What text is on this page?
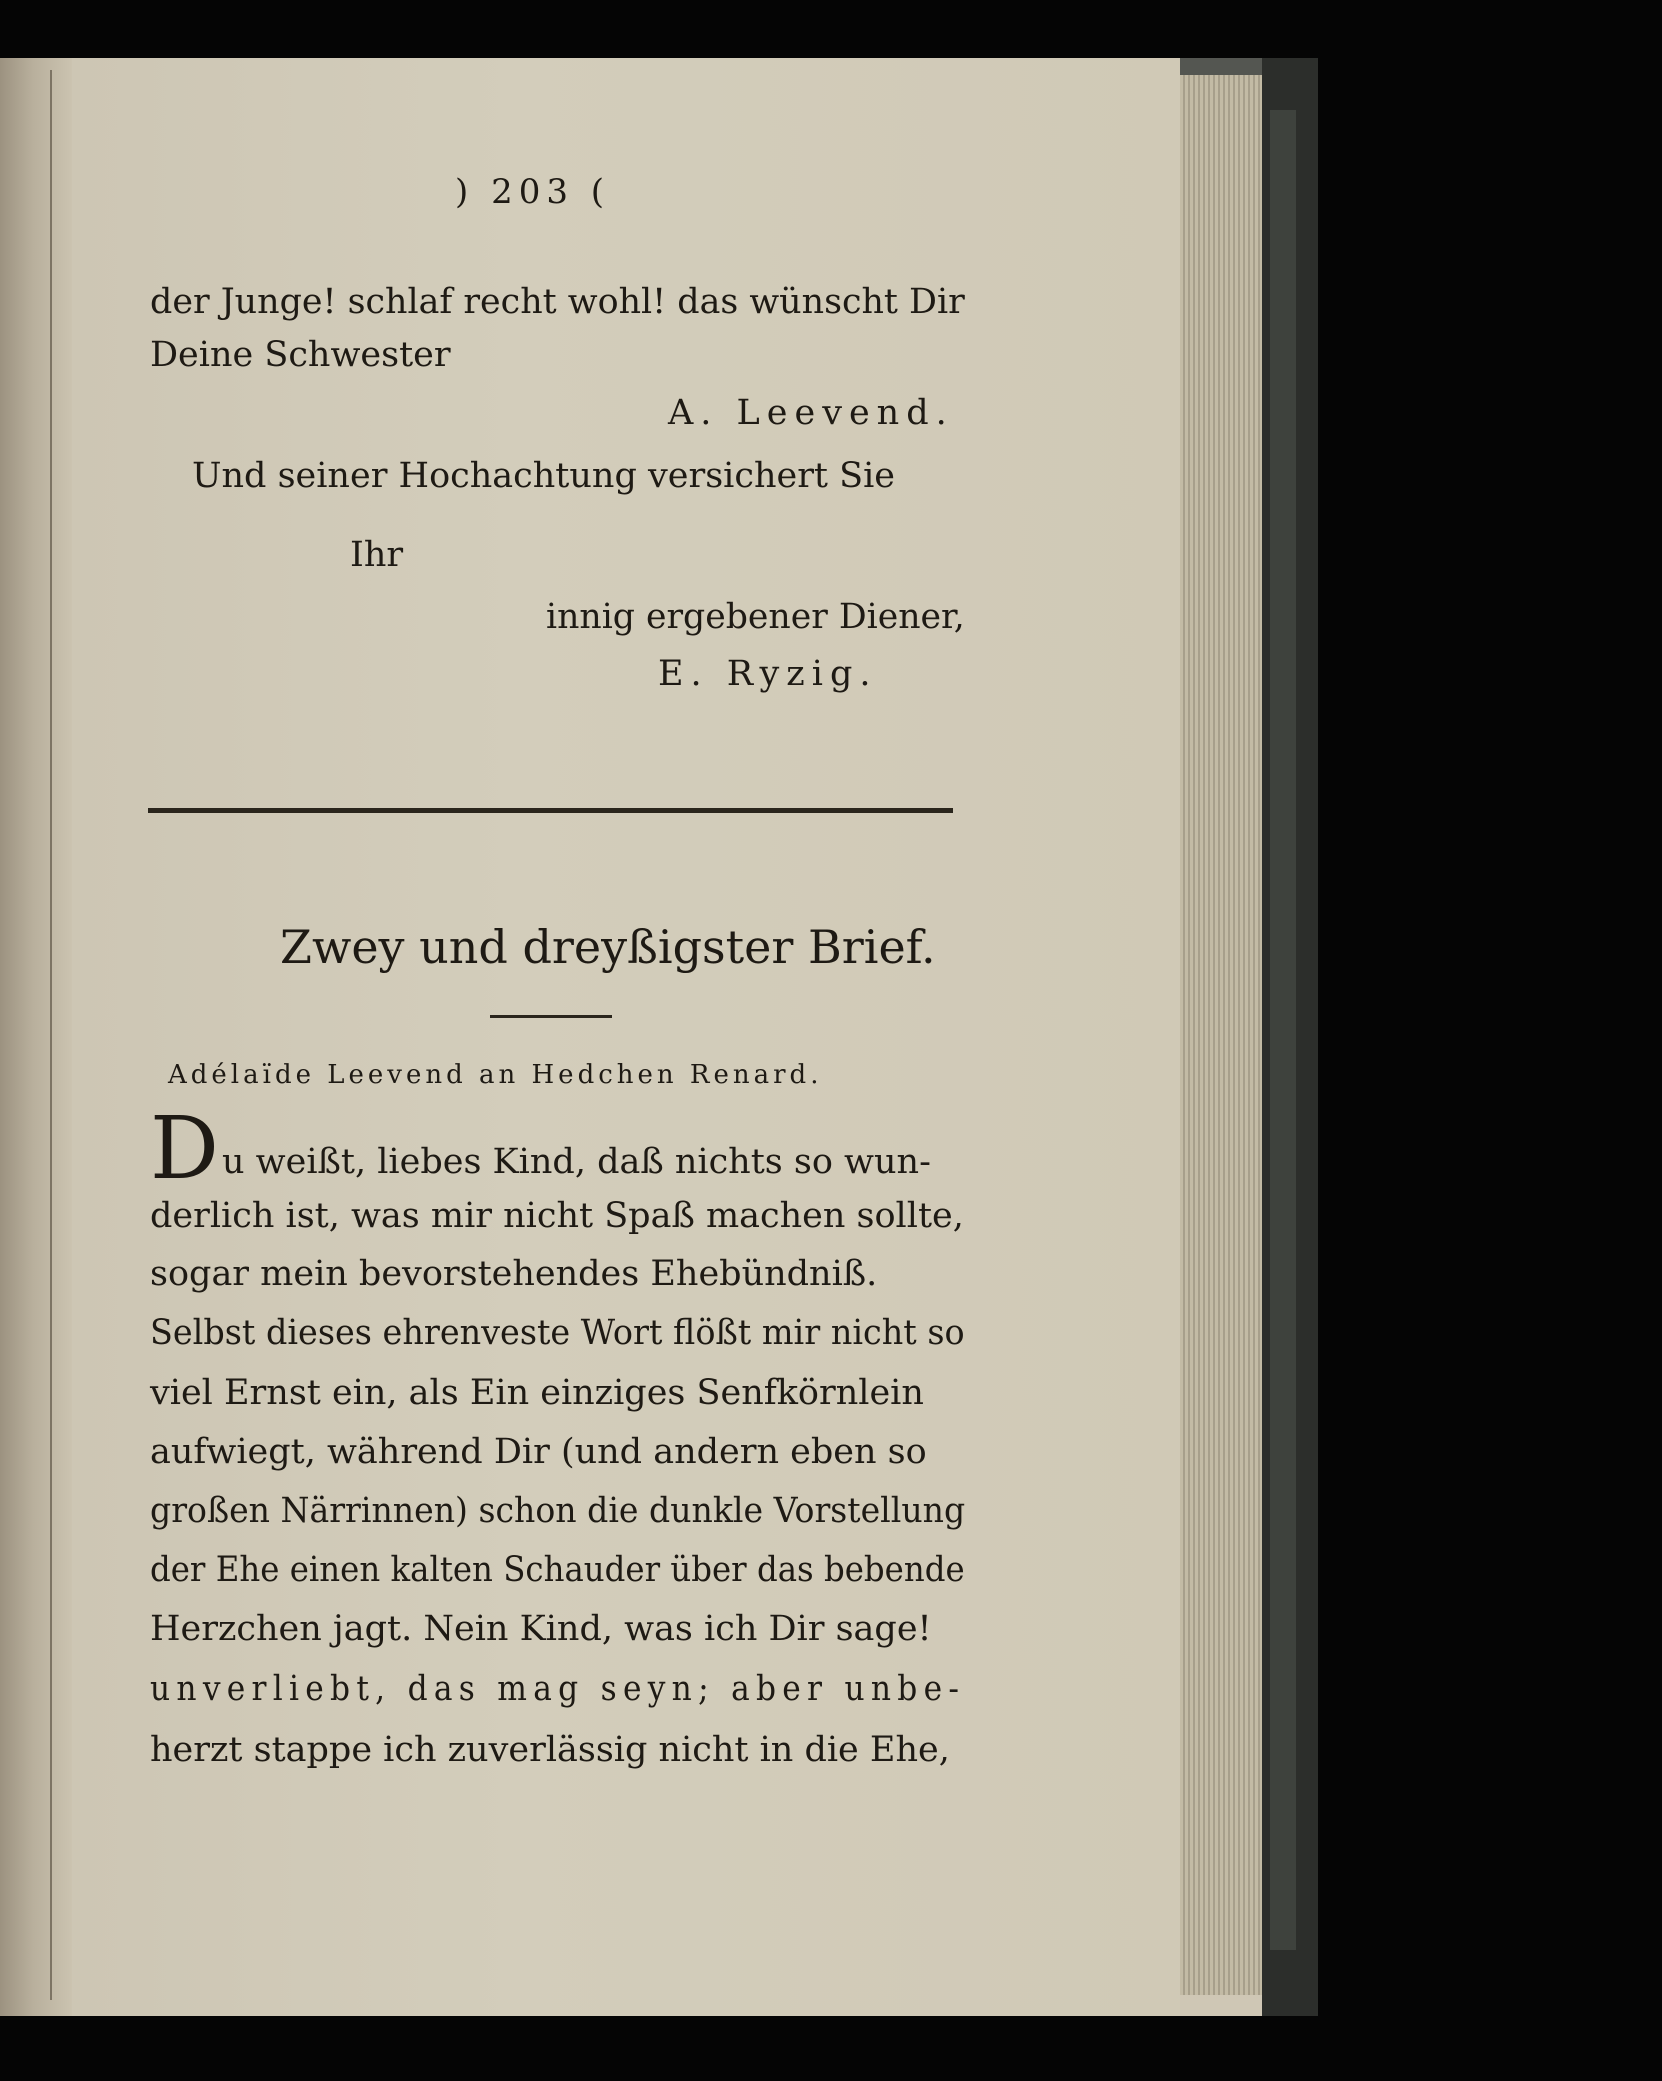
) 203 (
der Junge! schlaf recht wohl! das wünscht Dir
Deine Schwester
A. Leevend.
Und seiner Hochachtung versichert Sie
Ihr
innig ergebener Diener,
E. Ryzig.
Zwey und dreyßigster Brief.
Adélaïde Leevend an Hedchen Renard.
D u weißt, liebes Kind, daß nichts so wun-
derlich ist, was mir nicht Spaß machen sollte,
sogar mein bevorstehendes Ehebündniß.
Selbst dieses ehrenveste Wort flößt mir nicht so
viel Ernst ein, als Ein einziges Senfkörnlein
aufwiegt, während Dir (und andern eben so
großen Närrinnen) schon die dunkle Vorstellung
der Ehe einen kalten Schauder über das bebende
Herzchen jagt. Nein Kind, was ich Dir sage!
unverliebt, das mag seyn; aber unbe-
herzt stappe ich zuverlässig nicht in die Ehe,
